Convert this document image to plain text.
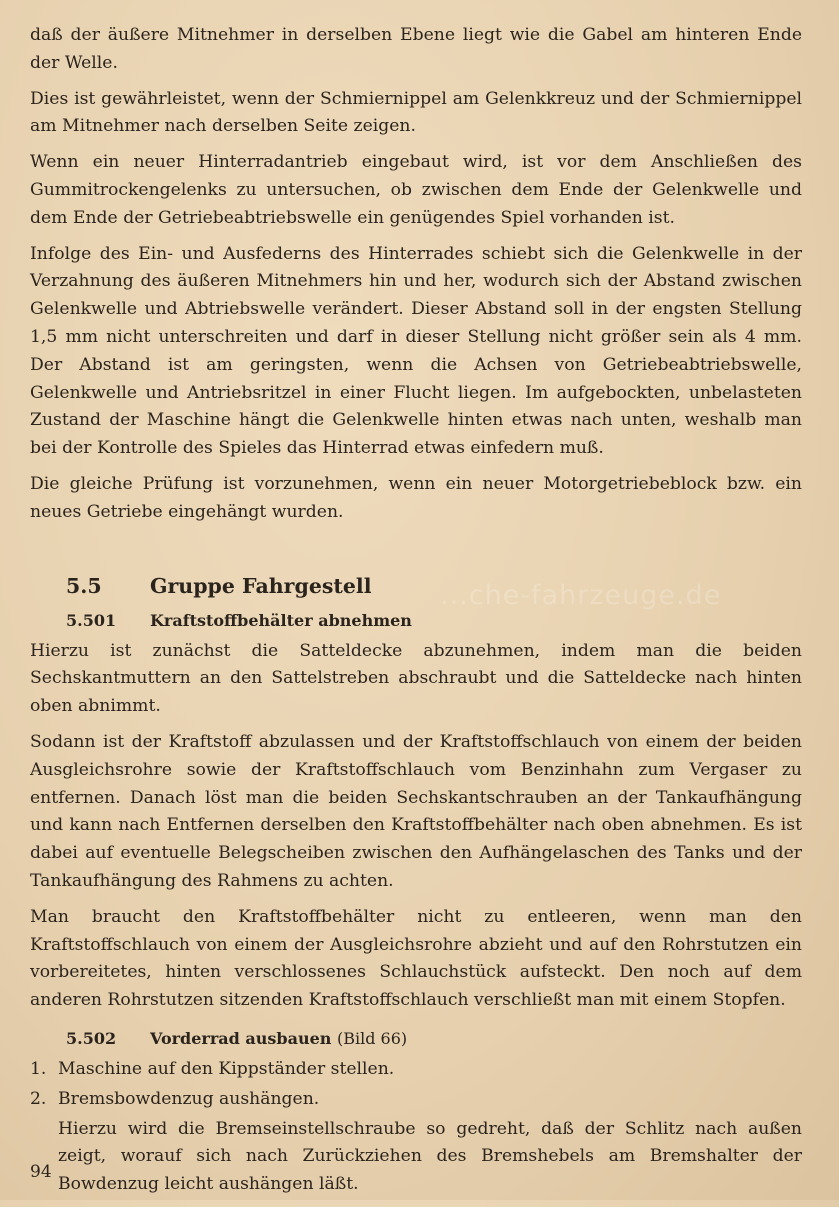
daß der äußere Mitnehmer in derselben Ebene liegt wie die Gabel am hinteren Ende der Welle.

Dies ist gewährleistet, wenn der Schmiernippel am Gelenkkreuz und der Schmiernippel am Mitnehmer nach derselben Seite zeigen.

Wenn ein neuer Hinterradantrieb eingebaut wird, ist vor dem Anschließen des Gummitrockengelenks zu untersuchen, ob zwischen dem Ende der Gelenkwelle und dem Ende der Getriebeabtriebswelle ein genügendes Spiel vorhanden ist.

Infolge des Ein- und Ausfederns des Hinterrades schiebt sich die Gelenkwelle in der Verzahnung des äußeren Mitnehmers hin und her, wodurch sich der Abstand zwischen Gelenkwelle und Abtriebswelle verändert. Dieser Abstand soll in der engsten Stellung 1,5 mm nicht unterschreiten und darf in dieser Stellung nicht größer sein als 4 mm. Der Abstand ist am geringsten, wenn die Achsen von Getriebeabtriebswelle, Gelenkwelle und Antriebsritzel in einer Flucht liegen. Im aufgebockten, unbelasteten Zustand der Maschine hängt die Gelenkwelle hinten etwas nach unten, weshalb man bei der Kontrolle des Spieles das Hinterrad etwas einfedern muß.

Die gleiche Prüfung ist vorzunehmen, wenn ein neuer Motorgetriebeblock bzw. ein neues Getriebe eingehängt wurden.

5.5	Gruppe Fahrgestell
5.501	Kraftstoffbehälter abnehmen

Hierzu ist zunächst die Satteldecke abzunehmen, indem man die beiden Sechskantmuttern an den Sattelstreben abschraubt und die Satteldecke nach hinten oben abnimmt.

Sodann ist der Kraftstoff abzulassen und der Kraftstoffschlauch von einem der beiden Ausgleichsrohre sowie der Kraftstoffschlauch vom Benzinhahn zum Vergaser zu entfernen. Danach löst man die beiden Sechskantschrauben an der Tankaufhängung und kann nach Entfernen derselben den Kraftstoffbehälter nach oben abnehmen. Es ist dabei auf eventuelle Belegscheiben zwischen den Aufhängelaschen des Tanks und der Tankaufhängung des Rahmens zu achten.

Man braucht den Kraftstoffbehälter nicht zu entleeren, wenn man den Kraftstoffschlauch von einem der Ausgleichsrohre abzieht und auf den Rohrstutzen ein vorbereitetes, hinten verschlossenes Schlauchstück aufsteckt. Den noch auf dem anderen Rohrstutzen sitzenden Kraftstoffschlauch verschließt man mit einem Stopfen.

5.502	Vorderrad ausbauen (Bild 66)
1. Maschine auf den Kippständer stellen.
2. Bremsbowdenzug aushängen.

Hierzu wird die Bremseinstellschraube so gedreht, daß der Schlitz nach außen zeigt, worauf sich nach Zurückziehen des Bremshebels am Bremshalter der Bowdenzug leicht aushängen läßt.

...che-fahrzeuge.de
94
